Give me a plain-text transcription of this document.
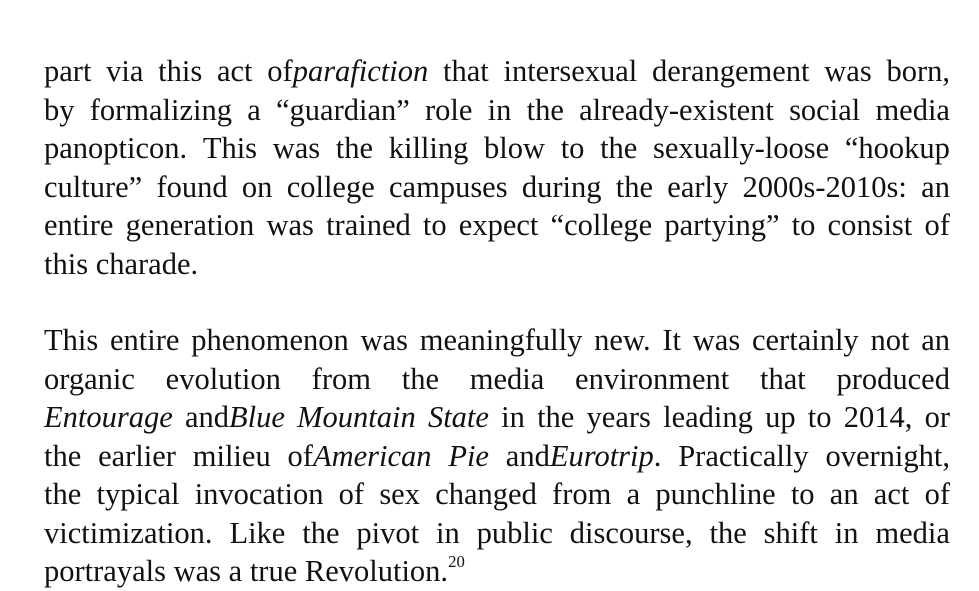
part via this act ofparafiction that intersexual derangement was born,
by formalizing a “guardian” role in the already-existent social media
panopticon. This was the killing blow to the sexually-loose “hookup
culture” found on college campuses during the early 2000s-2010s: an
entire generation was trained to expect “college partying” to consist of
this charade.
This entire phenomenon was meaningfully new. It was certainly not an
organic evolution from the media environment that produced
Entourage andBlue Mountain State in the years leading up to 2014, or
the earlier milieu ofAmerican Pie andEurotrip. Practically overnight,
the typical invocation of sex changed from a punchline to an act of
victimization. Like the pivot in public discourse, the shift in media
portrayals was a true Revolution.$^{20}$
